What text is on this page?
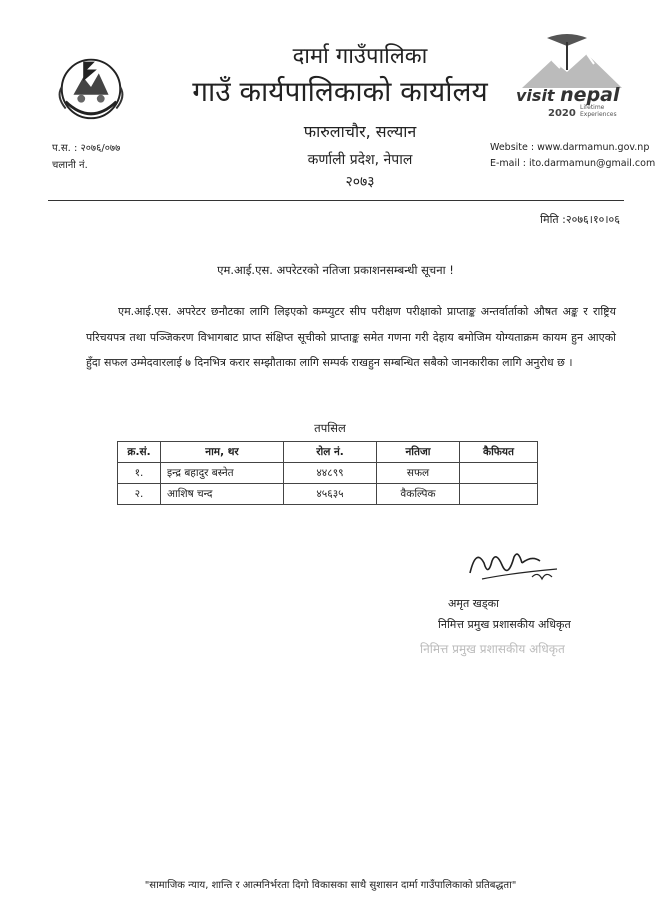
दार्मा गाउँपालिका
गाउँ कार्यपालिकाको कार्यालय
फारुलाचौर, सल्यान
कर्णाली प्रदेश, नेपाल
२०७३
प.स. : २०७६/०७७
चलानी नं.
Website : www.darmamun.gov.np
E-mail : ito.darmamun@gmail.com
visit nepal
2020
Lifetime
Experiences
मिति :२०७६।१०।०६
एम.आई.एस. अपरेटरको नतिजा प्रकाशनसम्बन्धी सूचना !

एम.आई.एस. अपरेटर छनौटका लागि लिइएको कम्प्युटर सीप परीक्षण परीक्षाको प्राप्ताङ्क अन्तर्वार्ताको औषत अङ्क र राष्ट्रिय परिचयपत्र तथा पञ्जिकरण विभागबाट प्राप्त संक्षिप्त सूचीको प्राप्ताङ्क समेत गणना गरी देहाय बमोजिम योग्यताक्रम कायम हुन आएको हुँदा सफल उम्मेदवारलाई ७ दिनभित्र करार सम्झौताका लागि सम्पर्क राखहुन सम्बन्धित सबैको जानकारीका लागि अनुरोध छ ।

तपसिल
क्र.सं.	नाम, थर	रोल नं.	नतिजा	कैफियत
१.	इन्द्र बहादुर बस्नेत	४४८९९	सफल	
२.	आशिष चन्द	४५६३५	वैकल्पिक	
अमृत खड्का
निमित्त प्रमुख प्रशासकीय अधिकृत
निमित्त प्रमुख प्रशासकीय अधिकृत
"सामाजिक न्याय, शान्ति र आत्मनिर्भरता दिगो विकासका साथै सुशासन दार्मा गाउँपालिकाको प्रतिबद्धता"
